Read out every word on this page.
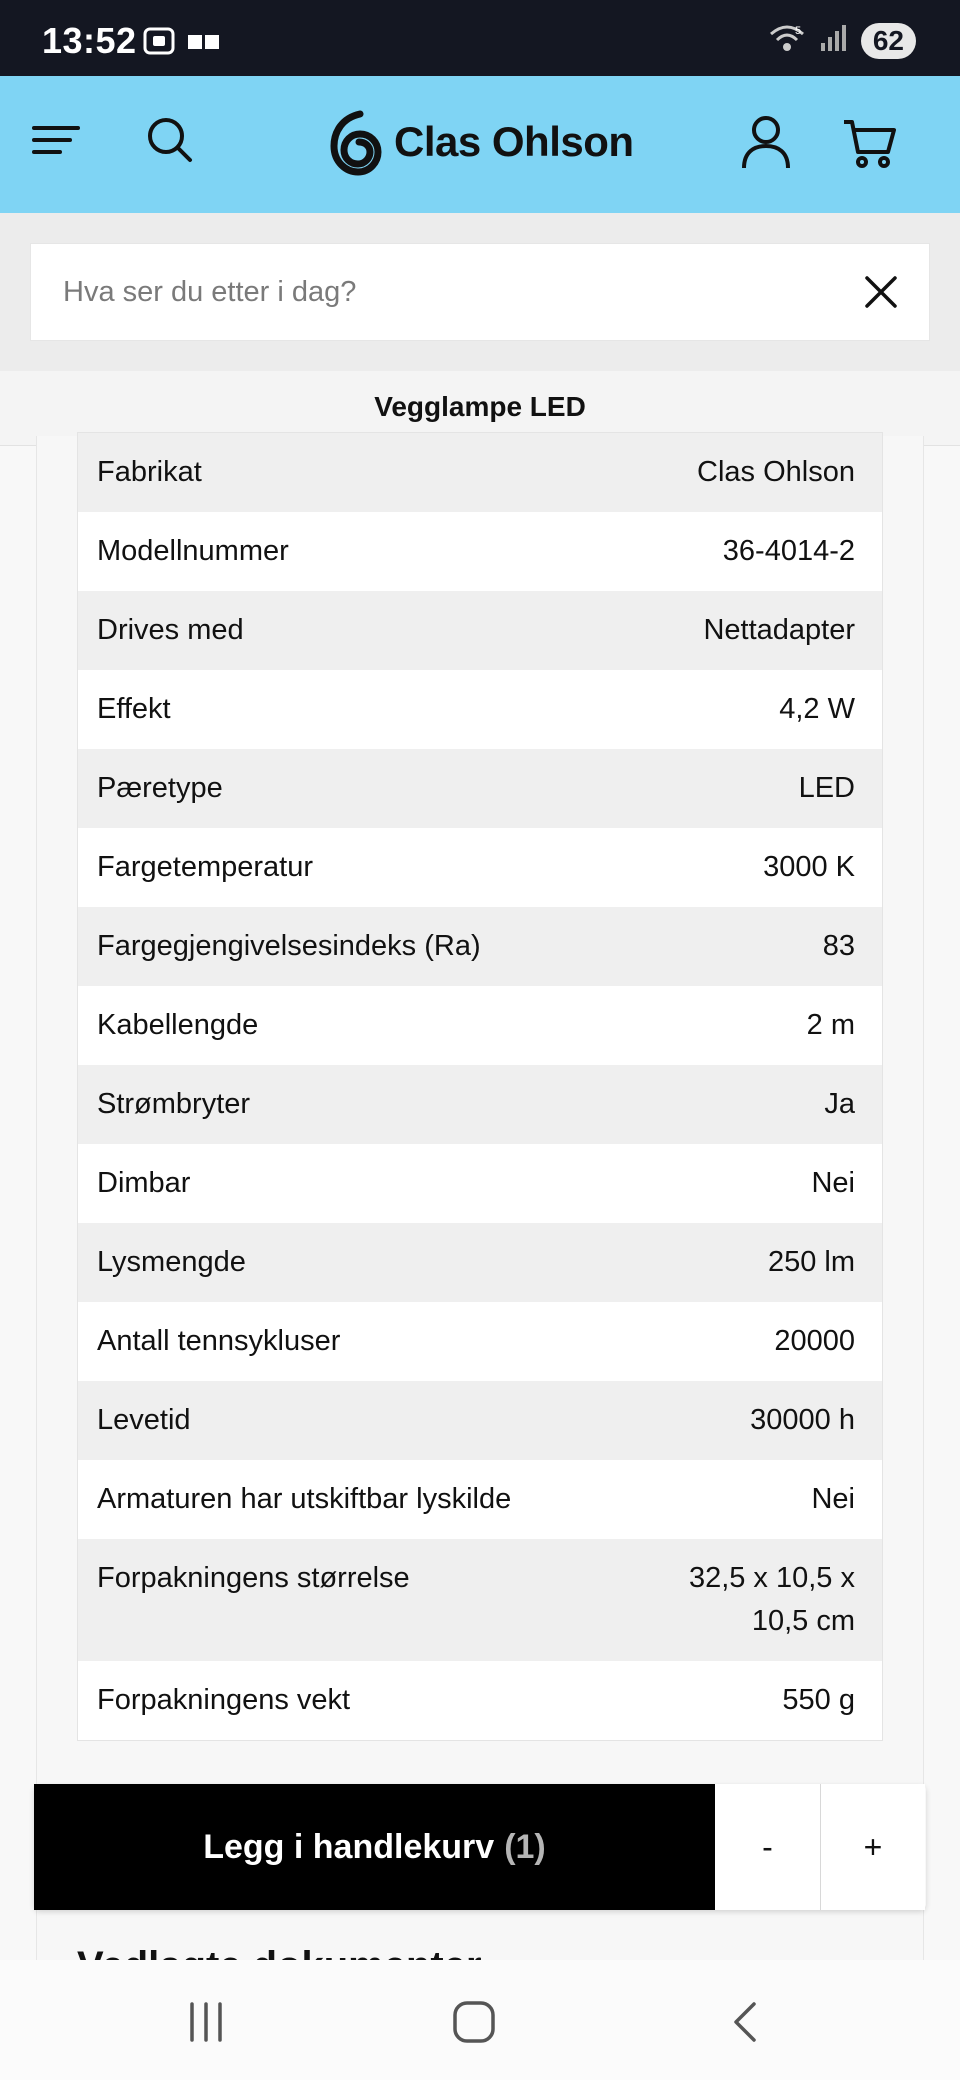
13:52	5	62
Clas Ohlson
Hva ser du etter i dag?
Vegglampe LED
Fabrikat	Clas Ohlson
Modellnummer	36-4014-2
Drives med	Nettadapter
Effekt	4,2 W
Pæretype	LED
Fargetemperatur	3000 K
Fargegjengivelsesindeks (Ra)	83
Kabellengde	2 m
Strømbryter	Ja
Dimbar	Nei
Lysmengde	250 lm
Antall tennsykluser	20000
Levetid	30000 h
Armaturen har utskiftbar lyskilde	Nei
Forpakningens størrelse	32,5 x 10,5 x 10,5 cm
Forpakningens vekt	550 g
Legg i handlekurv (1)	-	+
